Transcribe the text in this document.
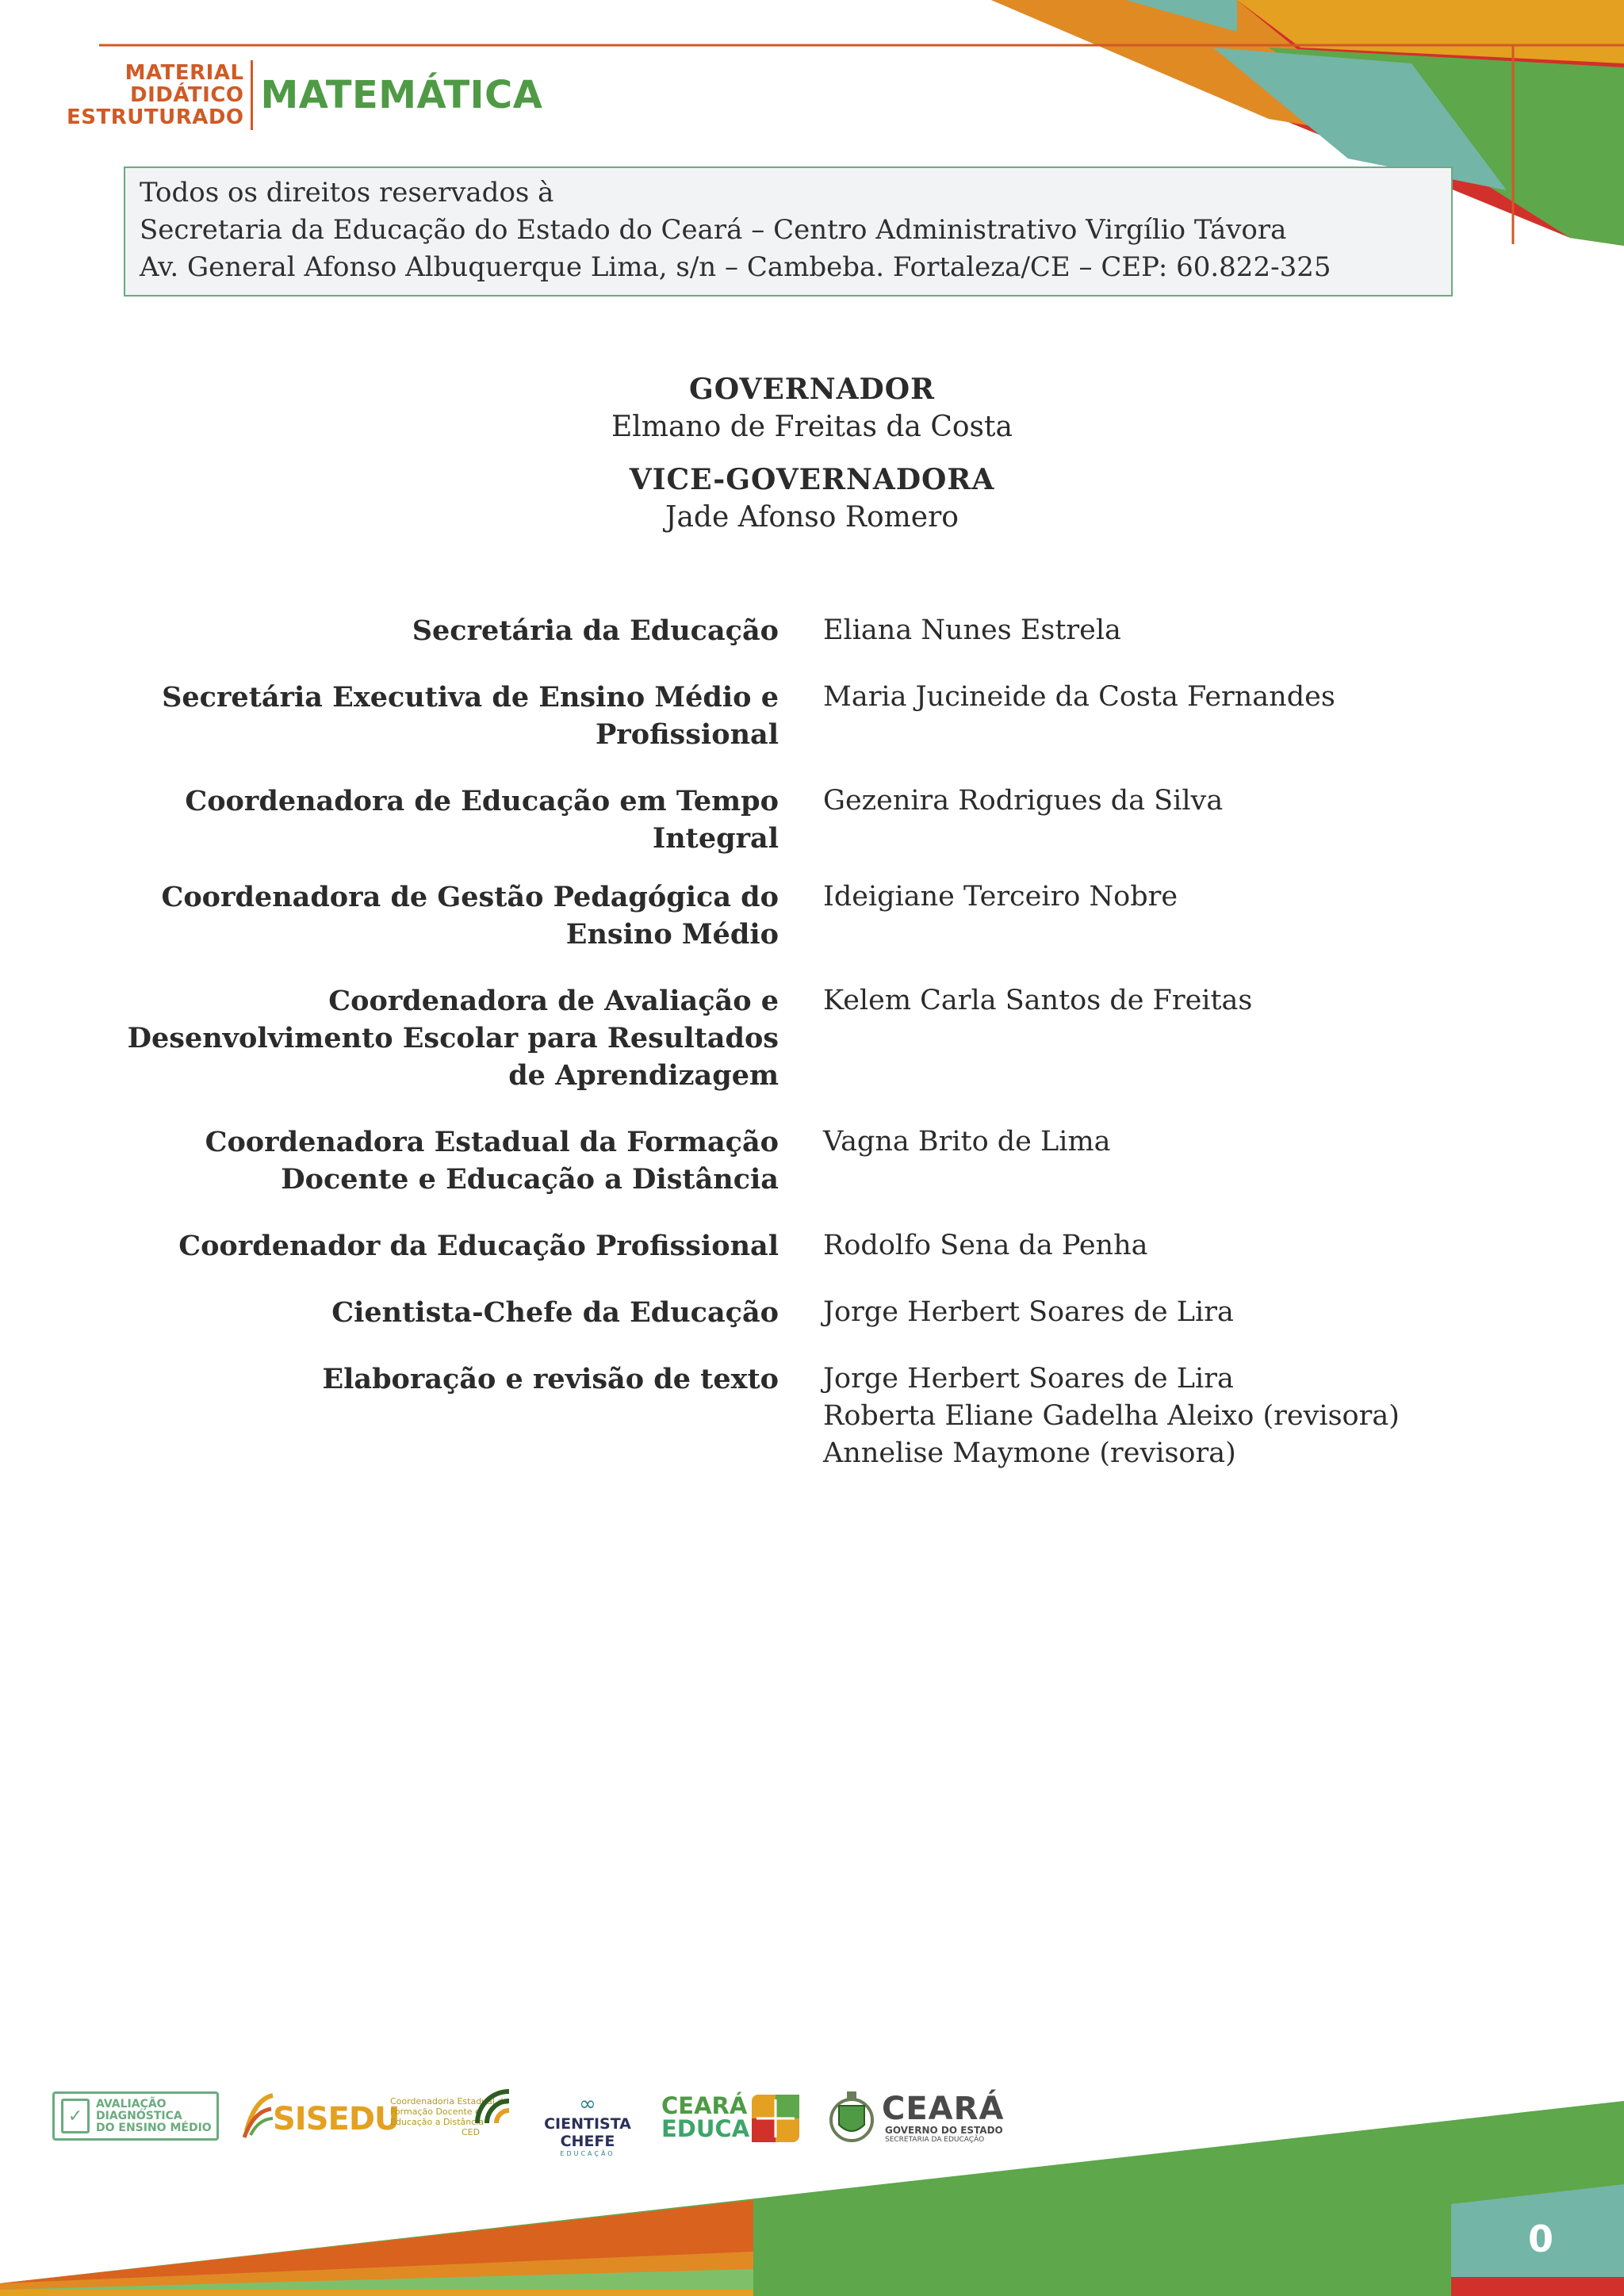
MATERIAL
DIDÁTICO
ESTRUTURADO MATEMÁTICA
Todos os direitos reservados à
Secretaria da Educação do Estado do Ceará – Centro Administrativo Virgílio Távora
Av. General Afonso Albuquerque Lima, s/n – Cambeba. Fortaleza/CE – CEP: 60.822-325
GOVERNADOR
Elmano de Freitas da Costa
VICE-GOVERNADORA
Jade Afonso Romero
Secretária da Educação Eliana Nunes Estrela
Secretária Executiva de Ensino Médio e
Profissional
Maria Jucineide da Costa Fernandes
Coordenadora de Educação em Tempo
Integral
Gezenira Rodrigues da Silva
Coordenadora de Gestão Pedagógica do
Ensino Médio
Ideigiane Terceiro Nobre
Coordenadora de Avaliação e
Desenvolvimento Escolar para Resultados
de Aprendizagem
Kelem Carla Santos de Freitas
Coordenadora Estadual da Formação
Docente e Educação a Distância
Vagna Brito de Lima
Coordenador da Educação Profissional Rodolfo Sena da Penha
Cientista-Chefe da Educação Jorge Herbert Soares de Lira
Elaboração e revisão de texto Jorge Herbert Soares de Lira
Roberta Eliane Gadelha Aleixo (revisora)
Annelise Maymone (revisora)
✓
AVALIAÇÃO
DIAGNÓSTICA
DO ENSINO MÉDIO SISEDU
Coordenadoria Estadual de
Formação Docente e
Educação a Distância
CED
∞
CIENTISTA CHEFE
EDUCAÇÃO
CEARÁ
EDUCA
CEARÁ
GOVERNO DO ESTADO
SECRETARIA DA EDUCAÇÃO
0
